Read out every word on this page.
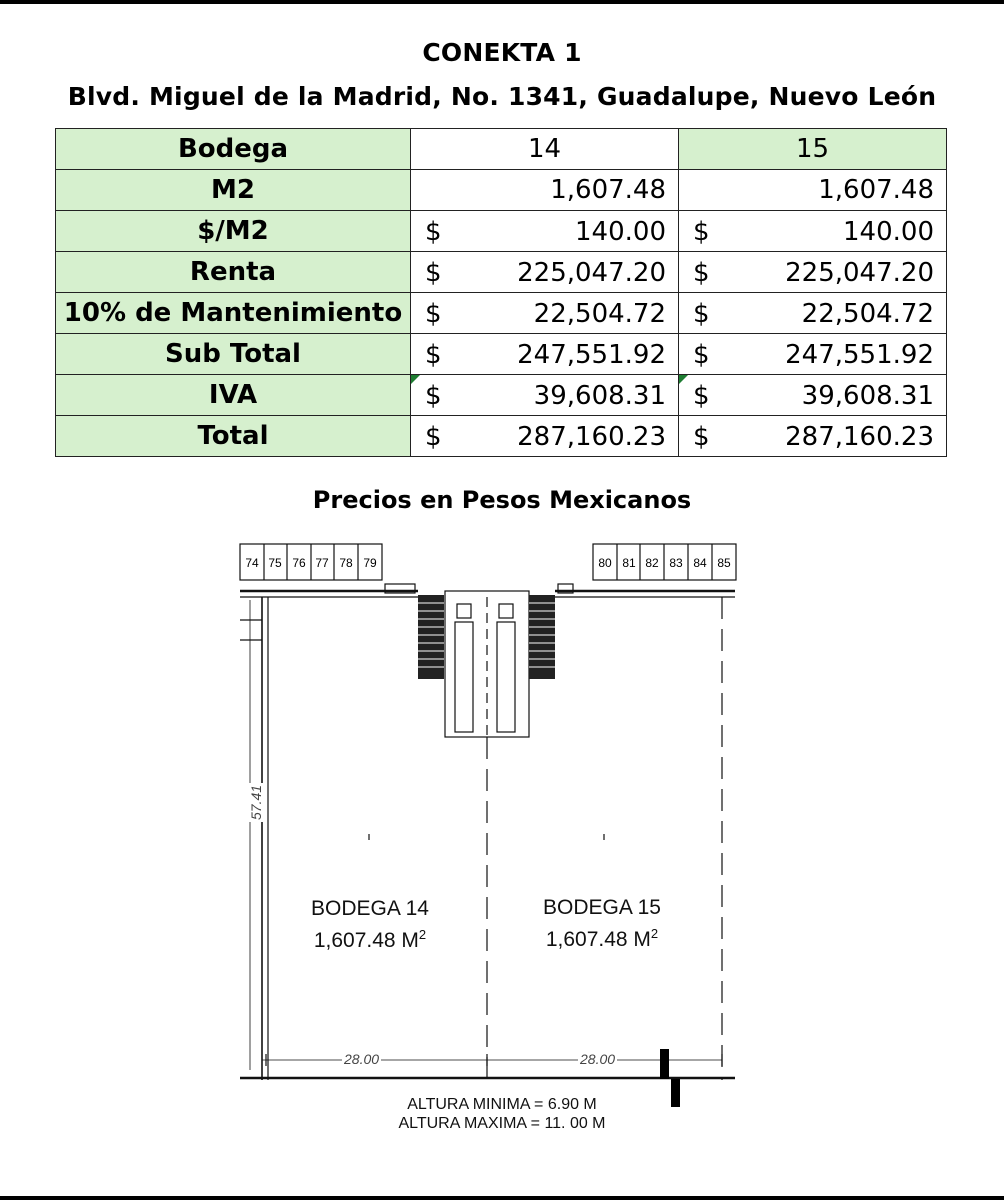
CONEKTA 1
Blvd. Miguel de la Madrid, No. 1341, Guadalupe, Nuevo León
Bodega	14	15
M2	1,607.48	1,607.48
$/M2	$ 140.00	$ 140.00

Renta	$ 225,047.20	$ 225,047.20

10% de Mantenimiento	$ 22,504.72	$ 22,504.72

Sub Total	$ 247,551.92	$ 247,551.92

IVA	$ 39,608.31	$ 39,608.31

Total	$ 287,160.23	$ 287,160.23
Precios en Pesos Mexicanos
74 75 76 77 78 79	80 81 82 83 84 85
BODEGA 14
1,607.48 $M^2$
BODEGA 15
1,607.48 $M^2$
57.41
28.00	28.00
ALTURA MINIMA = 6.90 M
ALTURA MAXIMA = 11. 00 M
